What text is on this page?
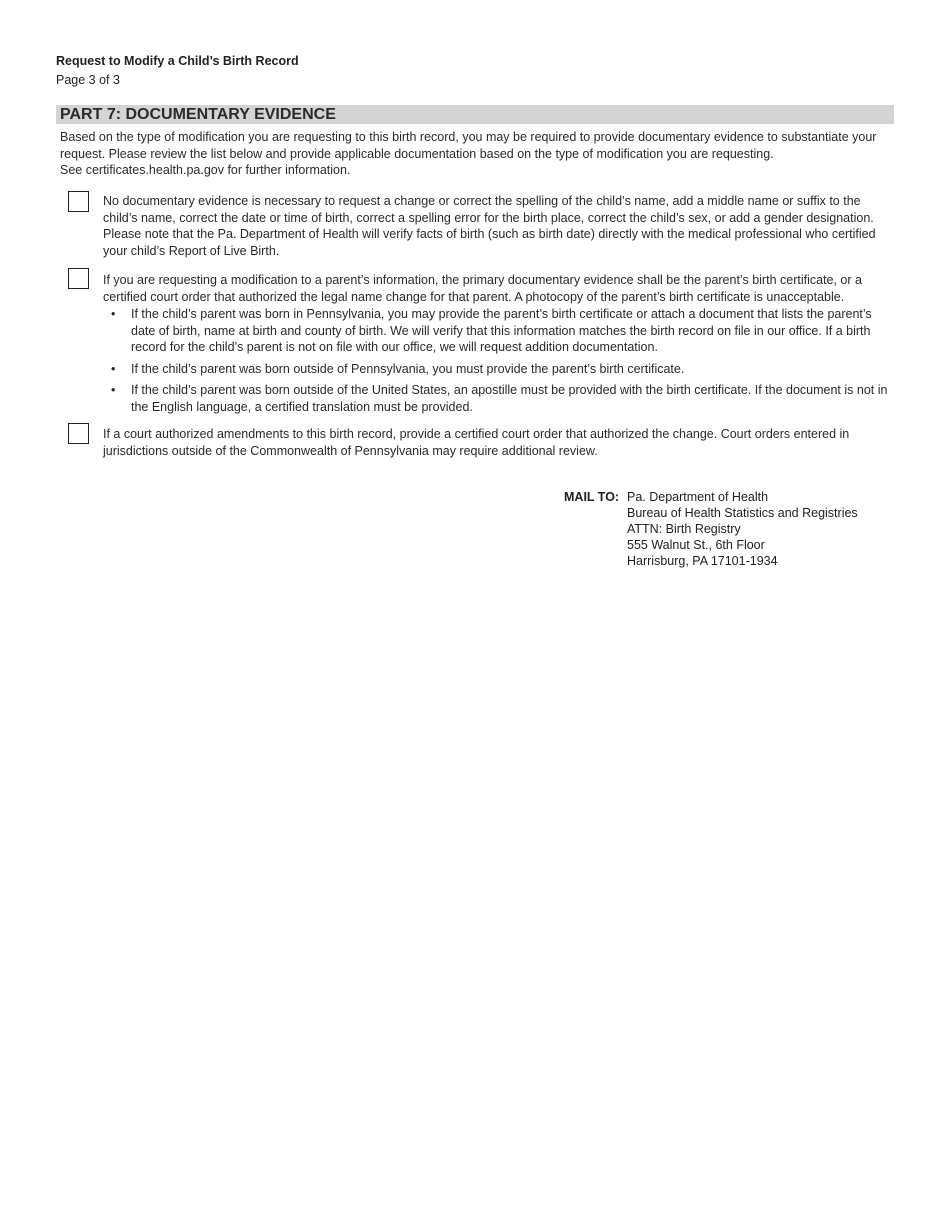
Request to Modify a Child’s Birth Record
Page 3 of 3
PART 7: DOCUMENTARY EVIDENCE

Based on the type of modification you are requesting to this birth record, you may be required to provide documentary evidence to substantiate your request. Please review the list below and provide applicable documentation based on the type of modification you are requesting.

See certificates.health.pa.gov for further information.

No documentary evidence is necessary to request a change or correct the spelling of the child’s name, add a middle name or suffix to the child’s name, correct the date or time of birth, correct a spelling error for the birth place, correct the child’s sex, or add a gender designation. Please note that the Pa. Department of Health will verify facts of birth (such as birth date) directly with the medical professional who certified your child’s Report of Live Birth.

If you are requesting a modification to a parent’s information, the primary documentary evidence shall be the parent’s birth certificate, or a certified court order that authorized the legal name change for that parent. A photocopy of the parent’s birth certificate is unacceptable.

• If the child’s parent was born in Pennsylvania, you may provide the parent’s birth certificate or attach a document that lists the parent’s date of birth, name at birth and county of birth. We will verify that this information matches the birth record on file in our office. If a birth record for the child’s parent is not on file with our office, we will request addition documentation.
• If the child’s parent was born outside of Pennsylvania, you must provide the parent’s birth certificate.
• If the child’s parent was born outside of the United States, an apostille must be provided with the birth certificate. If the document is not in the English language, a certified translation must be provided.

If a court authorized amendments to this birth record, provide a certified court order that authorized the change. Court orders entered in jurisdictions outside of the Commonwealth of Pennsylvania may require additional review.

MAIL TO: Pa. Department of Health
Bureau of Health Statistics and Registries
ATTN: Birth Registry
555 Walnut St., 6th Floor
Harrisburg, PA 17101-1934
